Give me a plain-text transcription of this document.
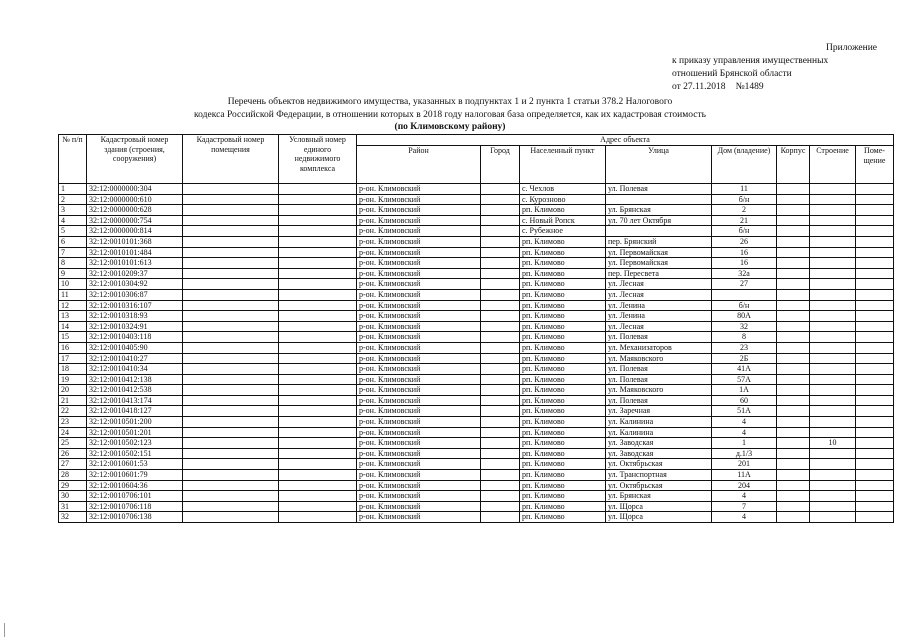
Приложение
к приказу управления имущественных
отношений Брянской области
от 27.11.2018 №1489
Перечень объектов недвижимого имущества, указанных в подпунктах 1 и 2 пункта 1 статьи 378.2 Налогового
кодекса Российской Федерации, в отношении которых в 2018 году налоговая база определяется, как их кадастровая стоимость
(по Климовскому району)
№ п/п	Кадастровый номер здания (строения, сооружения)	Кадастровый номер помещения	Условный номер единого недвижимого комплекса	Адрес объекта							
				Район	Город	Населенный пункт	Улица	Дом (владение)	Корпус	Строение	Поме-щение
1	32:12:0000000:304			р-он. Климовский		с. Чехлов	ул. Полевая	11			
2	32:12:0000000:610			р-он. Климовский		с. Курозново		б/н			
3	32:12:0000000:628			р-он. Климовский		рп. Климово	ул. Брянская	2			
4	32:12:0000000:754			р-он. Климовский		с. Новый Ропск	ул. 70 лет Октября	21			
5	32:12:0000000:814			р-он. Климовский		с. Рубежное		б/н			
6	32:12:0010101:368			р-он. Климовский		рп. Климово	пер. Брянский	26			
7	32:12:0010101:484			р-он. Климовский		рп. Климово	ул. Первомайская	16			
8	32:12:0010101:613			р-он. Климовский		рп. Климово	ул. Первомайская	16			
9	32:12:0010209:37			р-он. Климовский		рп. Климово	пер. Пересвета	32а			
10	32:12:0010304:92			р-он. Климовский		рп. Климово	ул. Лесная	27			
11	32:12:0010306:87			р-он. Климовский		рп. Климово	ул. Лесная				
12	32:12:0010316:107			р-он. Климовский		рп. Климово	ул. Ленина	б/н			
13	32:12:0010318:93			р-он. Климовский		рп. Климово	ул. Ленина	80А			
14	32:12:0010324:91			р-он. Климовский		рп. Климово	ул. Лесная	32			
15	32:12:0010403:118			р-он. Климовский		рп. Климово	ул. Полевая	8			
16	32:12:0010405:90			р-он. Климовский		рп. Климово	ул. Механизаторов	23			
17	32:12:0010410:27			р-он. Климовский		рп. Климово	ул. Маяковского	2Б			
18	32:12:0010410:34			р-он. Климовский		рп. Климово	ул. Полевая	41А			
19	32:12:0010412:138			р-он. Климовский		рп. Климово	ул. Полевая	57А			
20	32:12:0010412:538			р-он. Климовский		рп. Климово	ул. Маяковского	1А			
21	32:12:0010413:174			р-он. Климовский		рп. Климово	ул. Полевая	60			
22	32:12:0010418:127			р-он. Климовский		рп. Климово	ул. Заречная	51А			
23	32:12:0010501:200			р-он. Климовский		рп. Климово	ул. Калинина	4			
24	32:12:0010501:201			р-он. Климовский		рп. Климово	ул. Калинина	4			
25	32:12:0010502:123			р-он. Климовский		рп. Климово	ул. Заводская	1		10	
26	32:12:0010502:151			р-он. Климовский		рп. Климово	ул. Заводская	д.1/3			
27	32:12:0010601:53			р-он. Климовский		рп. Климово	ул. Октябрьская	201			
28	32:12:0010601:79			р-он. Климовский		рп. Климово	ул. Транспортная	11А			
29	32:12:0010604:36			р-он. Климовский		рп. Климово	ул. Октябрьская	204			
30	32:12:0010706:101			р-он. Климовский		рп. Климово	ул. Брянская	4			
31	32:12:0010706:118			р-он. Климовский		рп. Климово	ул. Щорса	7			
32	32:12:0010706:138			р-он. Климовский		рп. Климово	ул. Щорса	4			
